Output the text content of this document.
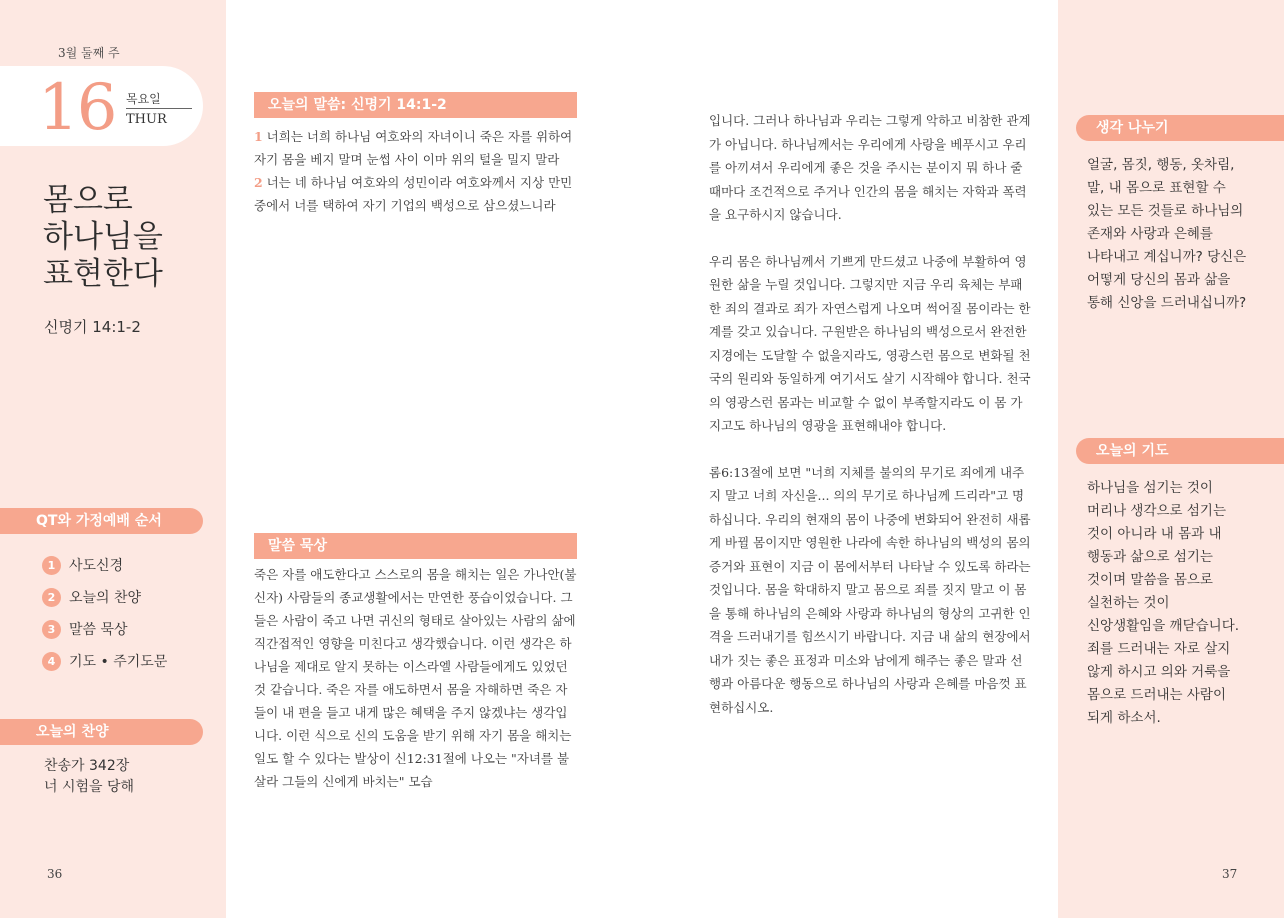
3월 둘째 주
16 목요일
THUR
몸으로
하나님을
표현한다
신명기 14:1-2
QT와 가정예배 순서
1 사도신경
2 오늘의 찬양
3 말씀 묵상
4 기도 • 주기도문
오늘의 찬양
찬송가 342장
너 시험을 당해
36
오늘의 말씀: 신명기 14:1-2
1 너희는 너희 하나님 여호와의 자녀이니 죽은 자를 위하여 자기 몸을 베지 말며 눈썹 사이 이마 위의 털을 밀지 말라
2 너는 네 하나님 여호와의 성민이라 여호와께서 지상 만민 중에서 너를 택하여 자기 기업의 백성으로 삼으셨느니라
말씀 묵상
죽은 자를 애도한다고 스스로의 몸을 해치는 일은 가나안(불신자) 사람들의 종교생활에서는 만연한 풍습이었습니다. 그들은 사람이 죽고 나면 귀신의 형태로 살아있는 사람의 삶에 직간접적인 영향을 미친다고 생각했습니다. 이런 생각은 하나님을 제대로 알지 못하는 이스라엘 사람들에게도 있었던 것 같습니다. 죽은 자를 애도하면서 몸을 자해하면 죽은 자들이 내 편을 들고 내게 많은 혜택을 주지 않겠냐는 생각입니다. 이런 식으로 신의 도움을 받기 위해 자기 몸을 해치는 일도 할 수 있다는 발상이 신12:31절에 나오는 "자녀를 불살라 그들의 신에게 바치는" 모습

입니다. 그러나 하나님과 우리는 그렇게 악하고 비참한 관계가 아닙니다. 하나님께서는 우리에게 사랑을 베푸시고 우리를 아끼셔서 우리에게 좋은 것을 주시는 분이지 뭐 하나 줄 때마다 조건적으로 주거나 인간의 몸을 해치는 자학과 폭력을 요구하시지 않습니다.

우리 몸은 하나님께서 기쁘게 만드셨고 나중에 부활하여 영원한 삶을 누릴 것입니다. 그렇지만 지금 우리 육체는 부패한 죄의 결과로 죄가 자연스럽게 나오며 썩어질 몸이라는 한계를 갖고 있습니다. 구원받은 하나님의 백성으로서 완전한 지경에는 도달할 수 없을지라도, 영광스런 몸으로 변화될 천국의 원리와 동일하게 여기서도 살기 시작해야 합니다. 천국의 영광스런 몸과는 비교할 수 없이 부족할지라도 이 몸 가지고도 하나님의 영광을 표현해내야 합니다.

롬6:13절에 보면 "너희 지체를 불의의 무기로 죄에게 내주지 말고 너희 자신을... 의의 무기로 하나님께 드리라"고 명하십니다. 우리의 현재의 몸이 나중에 변화되어 완전히 새롭게 바뀔 몸이지만 영원한 나라에 속한 하나님의 백성의 몸의 증거와 표현이 지금 이 몸에서부터 나타날 수 있도록 하라는 것입니다. 몸을 학대하지 말고 몸으로 죄를 짓지 말고 이 몸을 통해 하나님의 은혜와 사랑과 하나님의 형상의 고귀한 인격을 드러내기를 힘쓰시기 바랍니다. 지금 내 삶의 현장에서 내가 짓는 좋은 표정과 미소와 남에게 해주는 좋은 말과 선행과 아름다운 행동으로 하나님의 사랑과 은혜를 마음껏 표현하십시오.

생각 나누기
얼굴, 몸짓, 행동, 옷차림,
말, 내 몸으로 표현할 수
있는 모든 것들로 하나님의
존재와 사랑과 은혜를
나타내고 계십니까? 당신은
어떻게 당신의 몸과 삶을
통해 신앙을 드러내십니까?
오늘의 기도
하나님을 섬기는 것이
머리나 생각으로 섬기는
것이 아니라 내 몸과 내
행동과 삶으로 섬기는
것이며 말씀을 몸으로
실천하는 것이
신앙생활임을 깨닫습니다.
죄를 드러내는 자로 살지
않게 하시고 의와 거룩을
몸으로 드러내는 사람이
되게 하소서.
37
